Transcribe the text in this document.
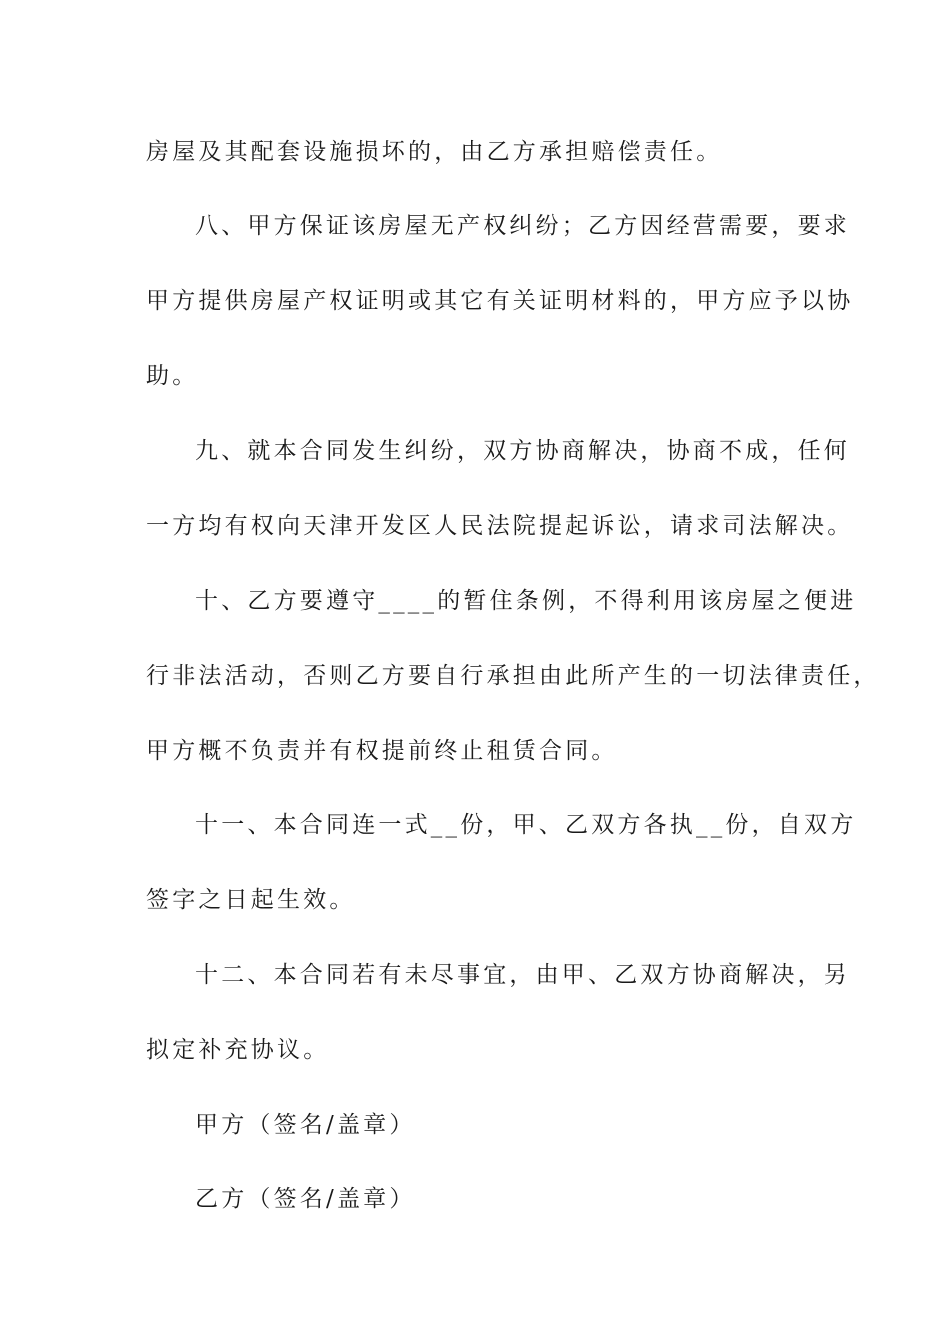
房屋及其配套设施损坏的，由乙方承担赔偿责任。
八、甲方保证该房屋无产权纠纷；乙方因经营需要，要求
甲方提供房屋产权证明或其它有关证明材料的，甲方应予以协
助。
九、就本合同发生纠纷，双方协商解决，协商不成，任何
一方均有权向天津开发区人民法院提起诉讼，请求司法解决。
十、乙方要遵守____的暂住条例，不得利用该房屋之便进
行非法活动，否则乙方要自行承担由此所产生的一切法律责任，
甲方概不负责并有权提前终止租赁合同。
十一、本合同连一式__份，甲、乙双方各执__份，自双方
签字之日起生效。
十二、本合同若有未尽事宜，由甲、乙双方协商解决，另
拟定补充协议。
甲方（签名/盖章）
乙方（签名/盖章）
